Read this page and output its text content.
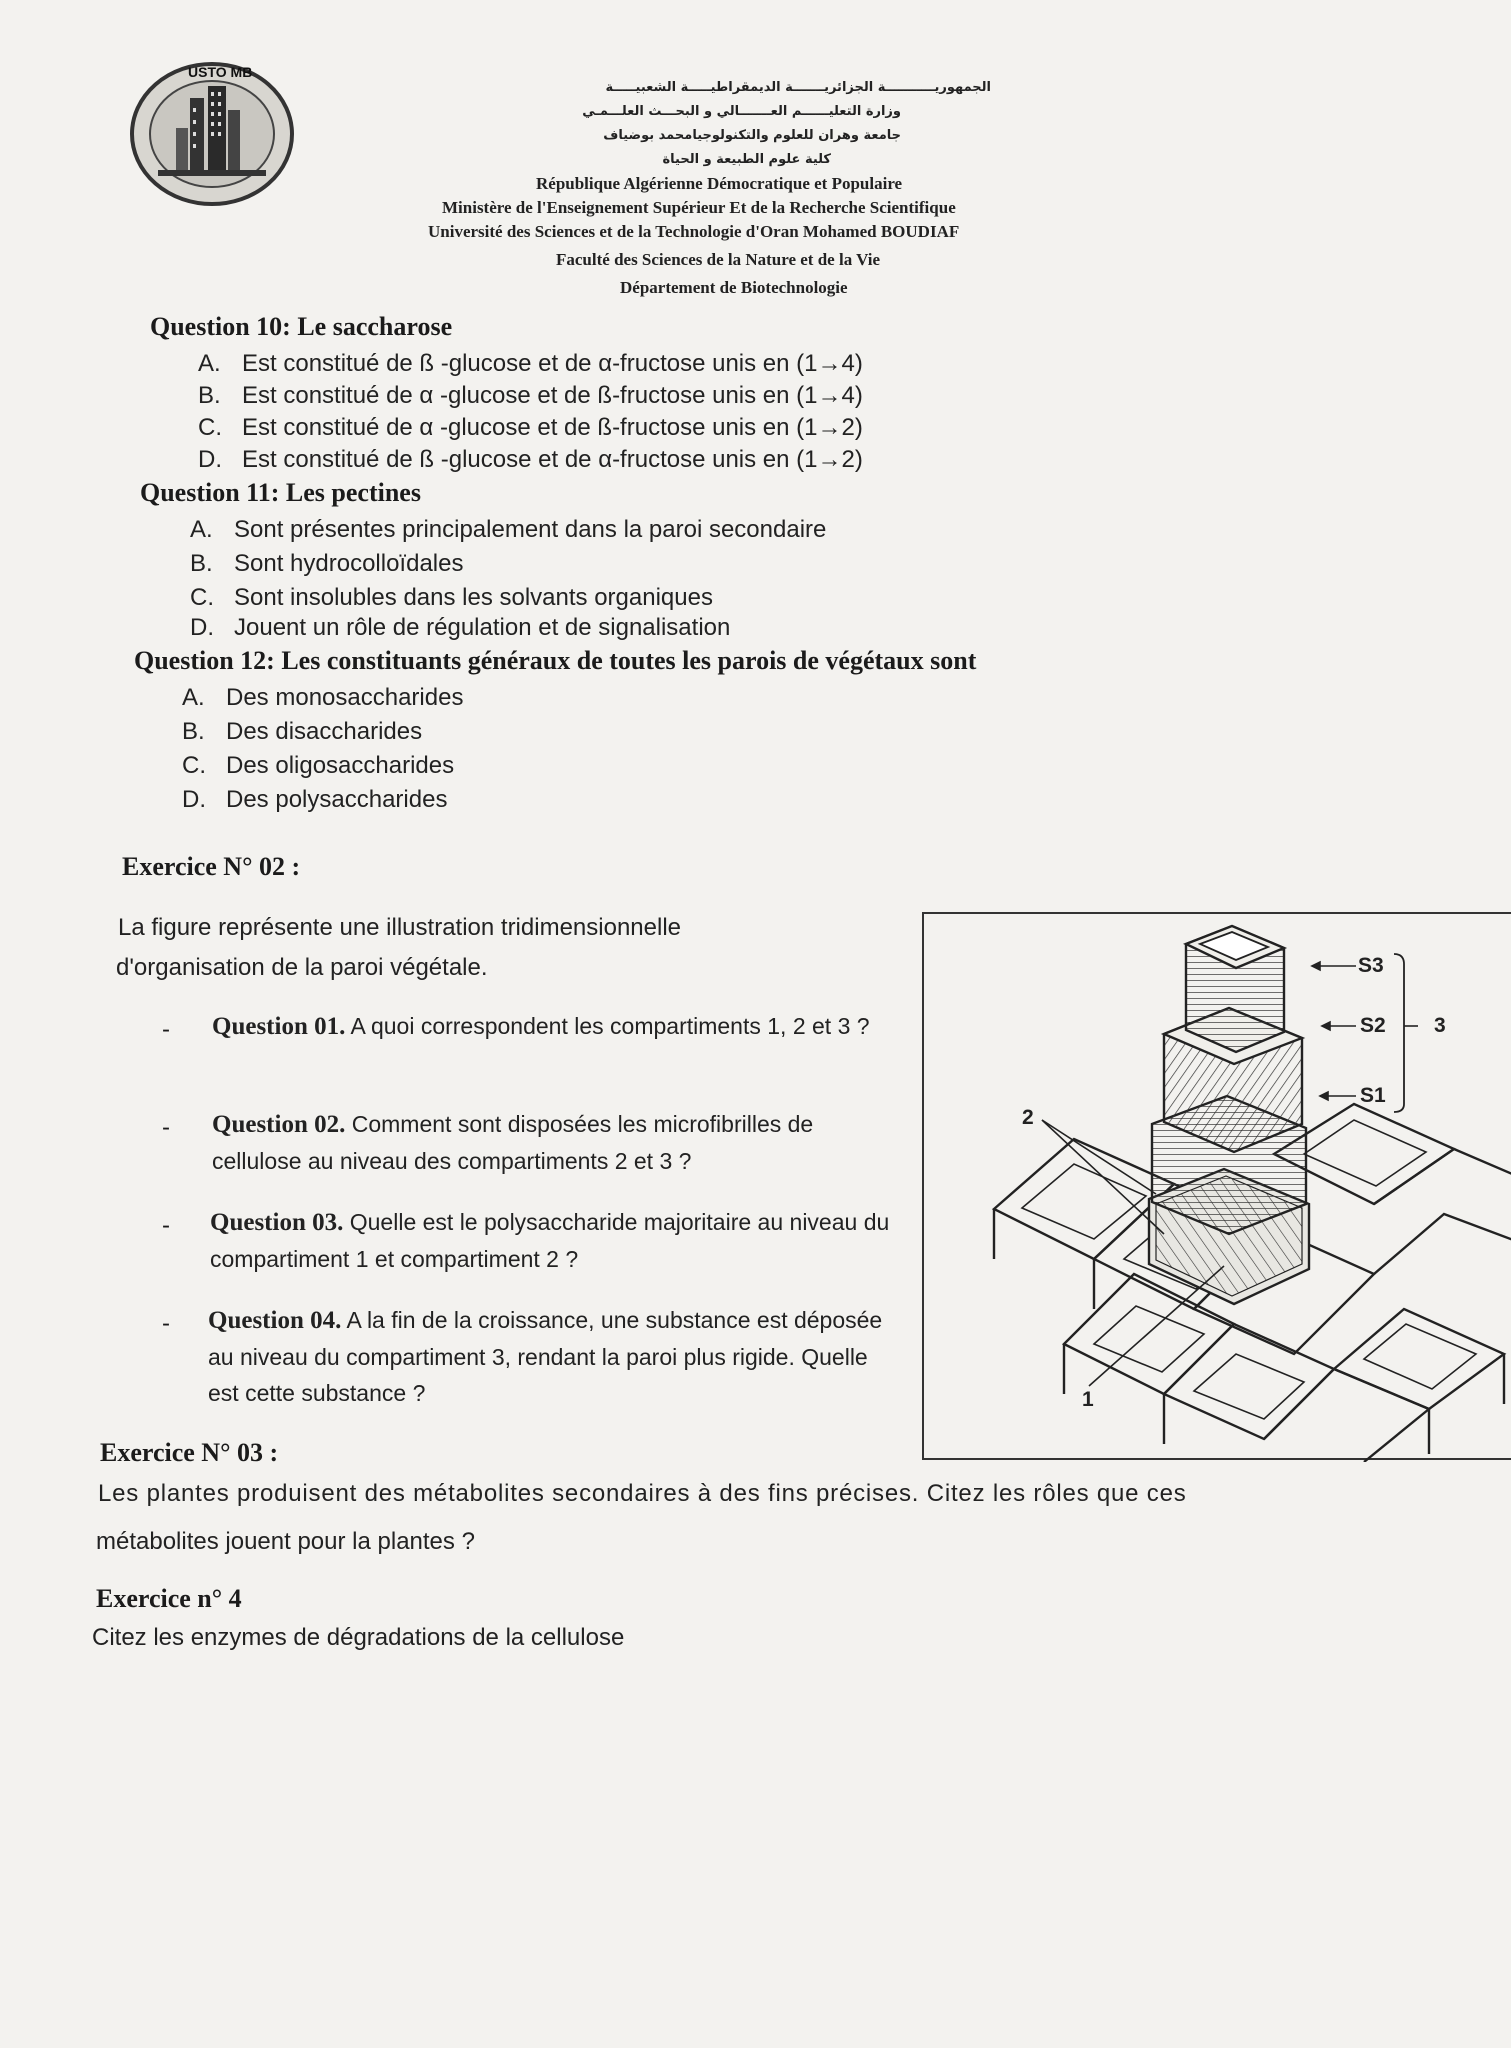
USTO MB
الجمهوريـــــــــــة الجزائريـــــــة الديمقراطيـــــة الشعبيـــــة
وزارة التعليــــــم العـــــــالي و البحـــث العلـــمـي
جامعة وهران للعلوم والتكنولوجيامحمد بوضياف
كلية علوم الطبيعة و الحياة
République Algérienne Démocratique et Populaire
Ministère de l'Enseignement Supérieur Et de la Recherche Scientifique
Université des Sciences et de la Technologie d'Oran Mohamed BOUDIAF
Faculté des Sciences de la Nature et de la Vie
Département de Biotechnologie
Question 10: Le saccharose
A. Est constitué de ß -glucose et de α-fructose unis en (1→4)
B. Est constitué de α -glucose et de ß-fructose unis en (1→4)
C. Est constitué de α -glucose et de ß-fructose unis en (1→2)
D. Est constitué de ß -glucose et de α-fructose unis en (1→2)
Question 11: Les pectines
A. Sont présentes principalement dans la paroi secondaire
B. Sont hydrocolloïdales
C. Sont insolubles dans les solvants organiques
D. Jouent un rôle de régulation et de signalisation
Question 12: Les constituants généraux de toutes les parois de végétaux sont
A. Des monosaccharides
B. Des disaccharides
C. Des oligosaccharides
D. Des polysaccharides
Exercice N° 02 :
La figure représente une illustration tridimensionnelle
d'organisation de la paroi végétale.
- Question 01. A quoi correspondent les compartiments 1, 2 et 3 ?
- Question 02. Comment sont disposées les microfibrilles de cellulose au niveau des compartiments 2 et 3 ?
- Question 03. Quelle est le polysaccharide majoritaire au niveau du compartiment 1 et compartiment 2 ?
- Question 04. A la fin de la croissance, une substance est déposée au niveau du compartiment 3, rendant la paroi plus rigide. Quelle est cette substance ?
S3
S2
S1
3
2
1
Exercice N° 03 :
Les plantes produisent des métabolites secondaires à des fins précises. Citez les rôles que ces
métabolites jouent pour la plantes ?
Exercice n° 4
Citez les enzymes de dégradations de la cellulose
